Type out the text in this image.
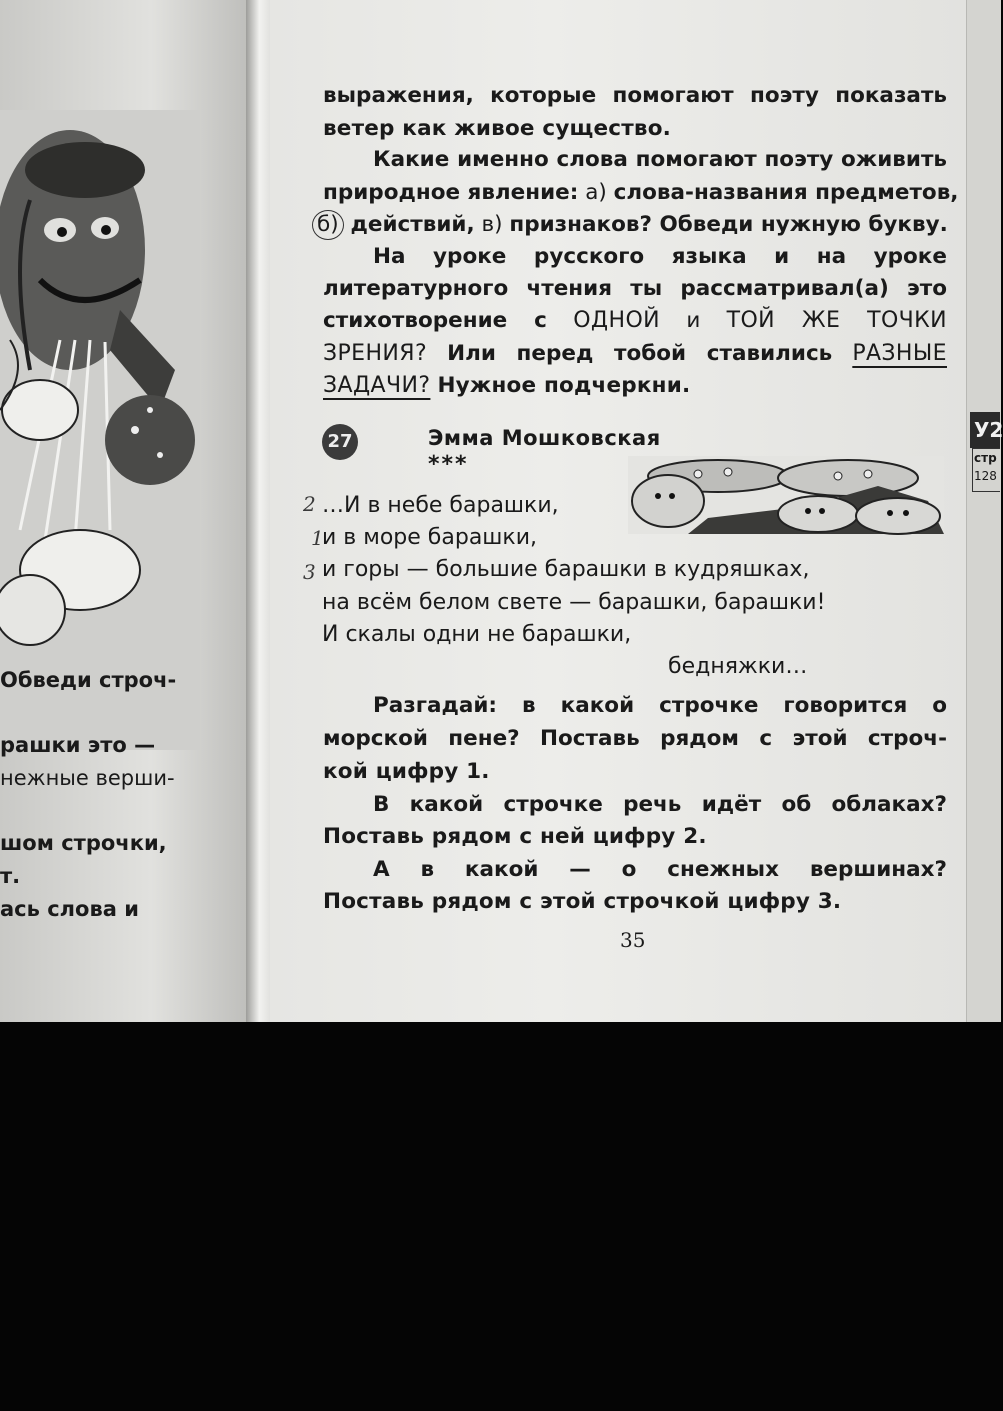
Обведи строч-
рашки это —
нежные верши-
шом строчки,
т.
ась слова и
выражения, которые помогают поэту показать
ветер как живое существо.
Какие именно слова помогают поэту оживить
природное явление: а) слова-названия предметов,
б) действий, в) признаков? Обведи нужную букву.
На уроке русского языка и на уроке
литературного чтения ты рассматривал(а) это
стихотворение с ОДНОЙ и ТОЙ ЖЕ ТОЧКИ
ЗРЕНИЯ? Или перед тобой ставились РАЗНЫЕ
ЗАДАЧИ? Нужное подчеркни.
27	Эмма Мошковская
***
2
1
3
…И в небе барашки,
и в море барашки,
и горы — большие барашки в кудряшках,
на всём белом свете — барашки, барашки!
И скалы одни не барашки,
бедняжки…
Разгадай: в какой строчке говорится о
морской пене? Поставь рядом с этой строч-
кой цифру 1.
В какой строчке речь идёт об облаках?
Поставь рядом с ней цифру 2.
А в какой — о снежных вершинах?
Поставь рядом с этой строчкой цифру 3.
35
У2
стр
128
